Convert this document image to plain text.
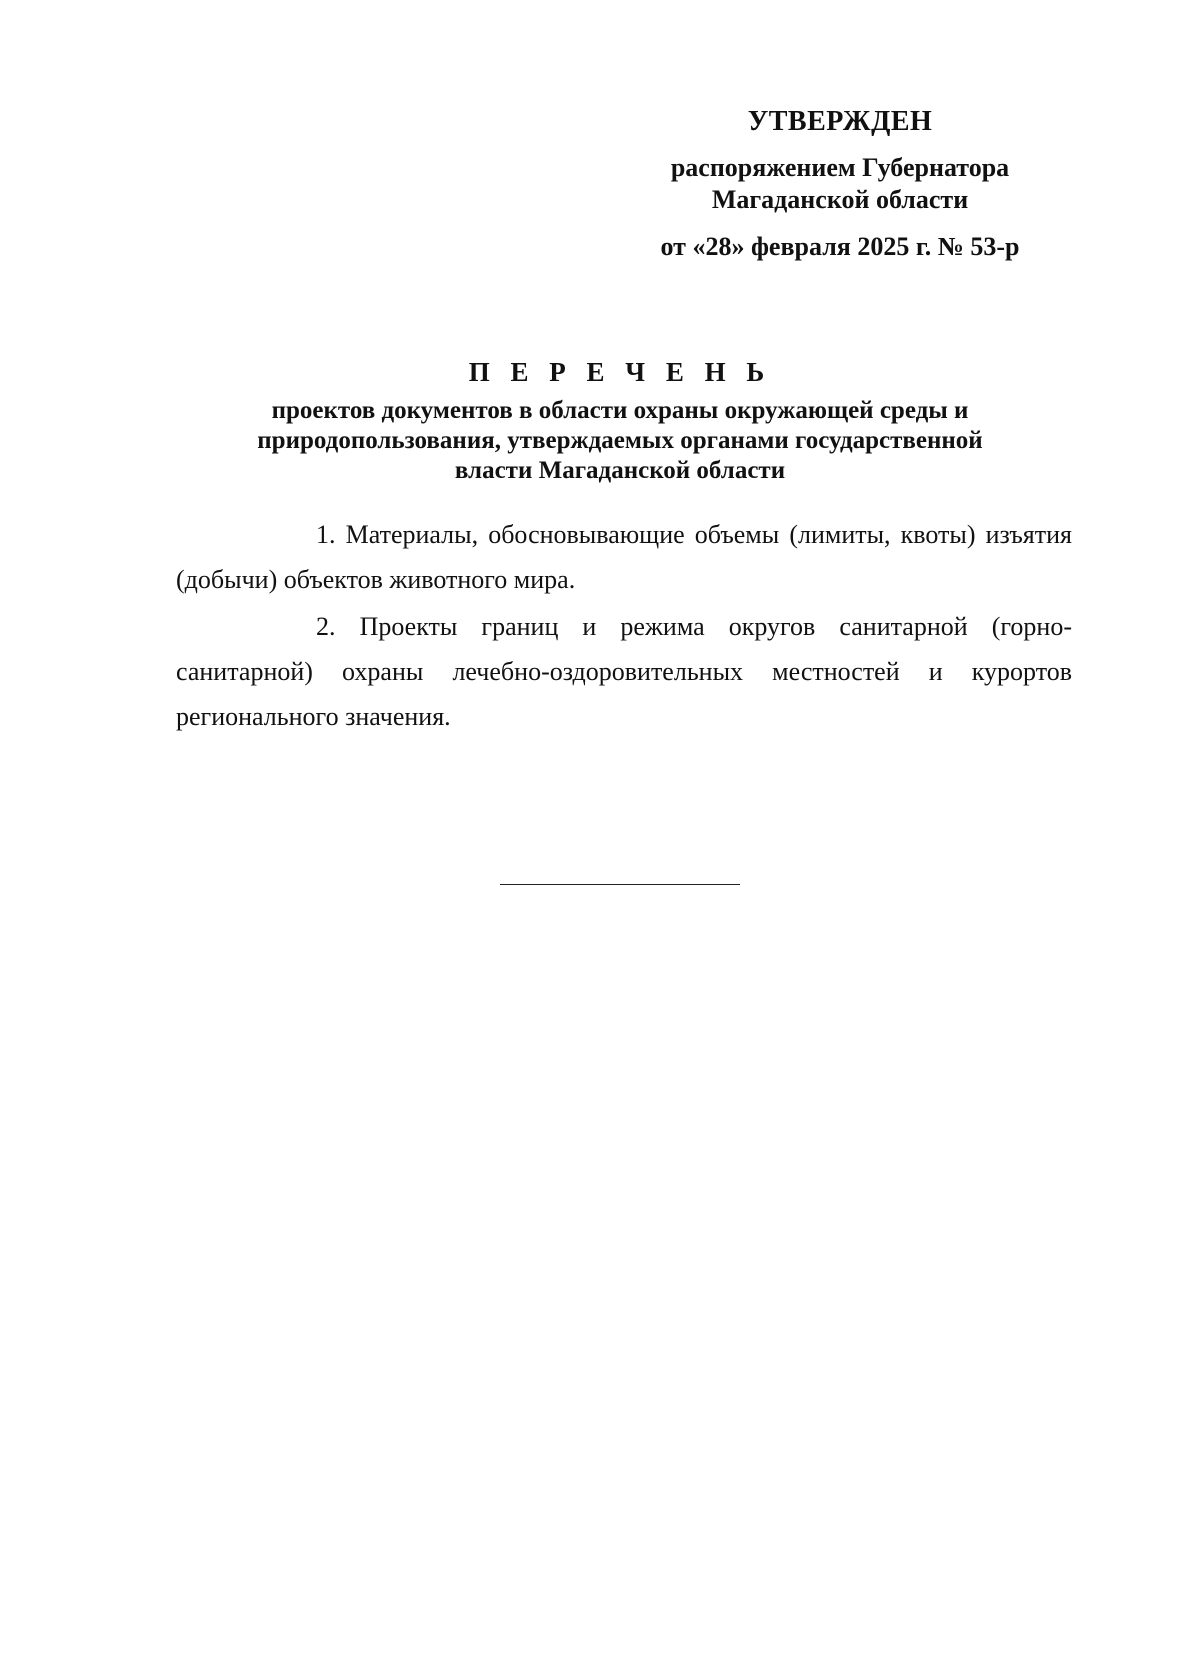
УТВЕРЖДЕН
распоряжением Губернатора
Магаданской области
от «28» февраля 2025 г. № 53-р
П Е Р Е Ч Е Н Ь
проектов документов в области охраны окружающей среды и
природопользования, утверждаемых органами государственной
власти Магаданской области

1. Материалы, обосновывающие объемы (лимиты, квоты) изъятия (добычи) объектов животного мира.

2. Проекты границ и режима округов санитарной (горно-санитарной) охраны лечебно-оздоровительных местностей и курортов регионального значения.
